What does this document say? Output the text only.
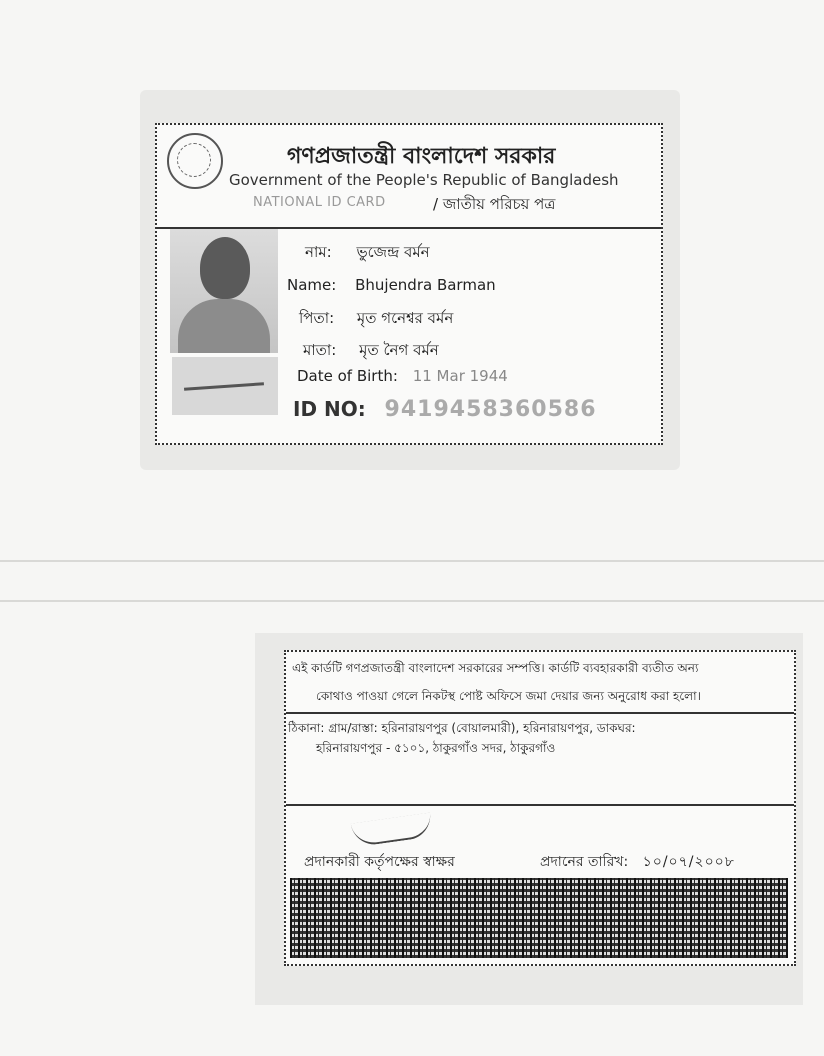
গণপ্রজাতন্ত্রী বাংলাদেশ সরকার
Government of the People's Republic of Bangladesh
NATIONAL ID CARD	/ জাতীয় পরিচয় পত্র
নাম: ভুজেন্দ্র বর্মন
Name: Bhujendra Barman
পিতা: মৃত গনেশ্বর বর্মন
মাতা: মৃত নৈগ বর্মন
Date of Birth: 11 Mar 1944
ID NO: 9419458360586

এই কার্ডটি গণপ্রজাতন্ত্রী বাংলাদেশ সরকারের সম্পত্তি। কার্ডটি ব্যবহারকারী ব্যতীত অন্য

কোথাও পাওয়া গেলে নিকটস্থ পোষ্ট অফিসে জমা দেয়ার জন্য অনুরোধ করা হলো।

ঠিকানা: গ্রাম/রাস্তা: হরিনারায়ণপুর (বোয়ালমারী), হরিনারায়ণপুর, ডাকঘর:

হরিনারায়ণপুর - ৫১০১, ঠাকুরগাঁও সদর, ঠাকুরগাঁও

প্রদানকারী কর্তৃপক্ষের স্বাক্ষর	প্রদানের তারিখ: ১০/০৭/২০০৮
